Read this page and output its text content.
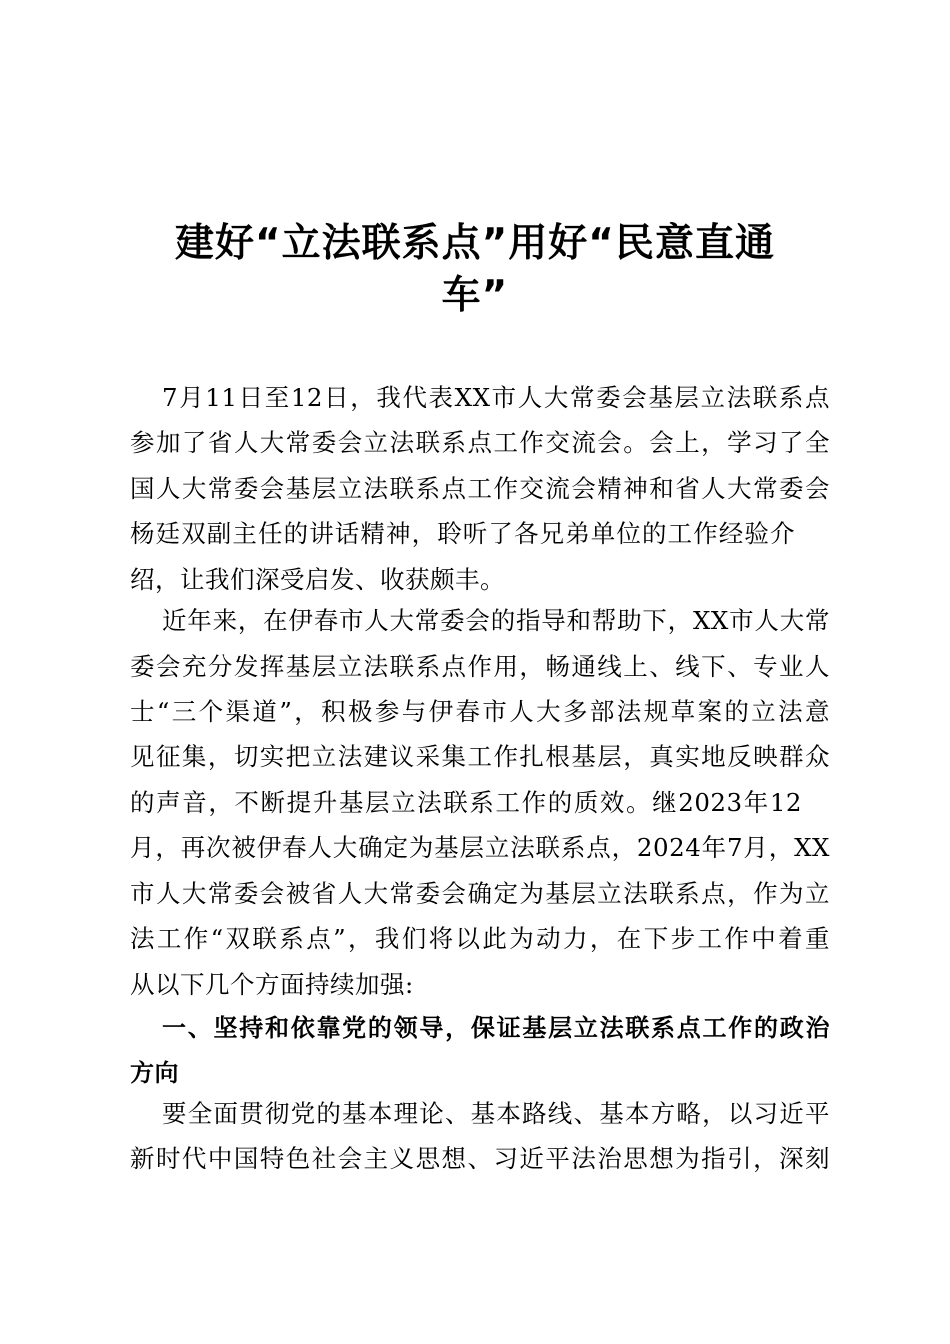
建好“立法联系点”用好“民意直通
车”
7月11日至12日，我代表XX市人大常委会基层立法联系点
参加了省人大常委会立法联系点工作交流会。会上，学习了全
国人大常委会基层立法联系点工作交流会精神和省人大常委会
杨廷双副主任的讲话精神，聆听了各兄弟单位的工作经验介
绍，让我们深受启发、收获颇丰。
近年来，在伊春市人大常委会的指导和帮助下，XX市人大常
委会充分发挥基层立法联系点作用，畅通线上、线下、专业人
士“三个渠道”，积极参与伊春市人大多部法规草案的立法意
见征集，切实把立法建议采集工作扎根基层，真实地反映群众
的声音，不断提升基层立法联系工作的质效。继2023年12
月，再次被伊春人大确定为基层立法联系点，2024年7月，XX
市人大常委会被省人大常委会确定为基层立法联系点，作为立
法工作“双联系点”，我们将以此为动力，在下步工作中着重
从以下几个方面持续加强:
一、坚持和依靠党的领导，保证基层立法联系点工作的政治
方向
要全面贯彻党的基本理论、基本路线、基本方略，以习近平
新时代中国特色社会主义思想、习近平法治思想为指引，深刻
